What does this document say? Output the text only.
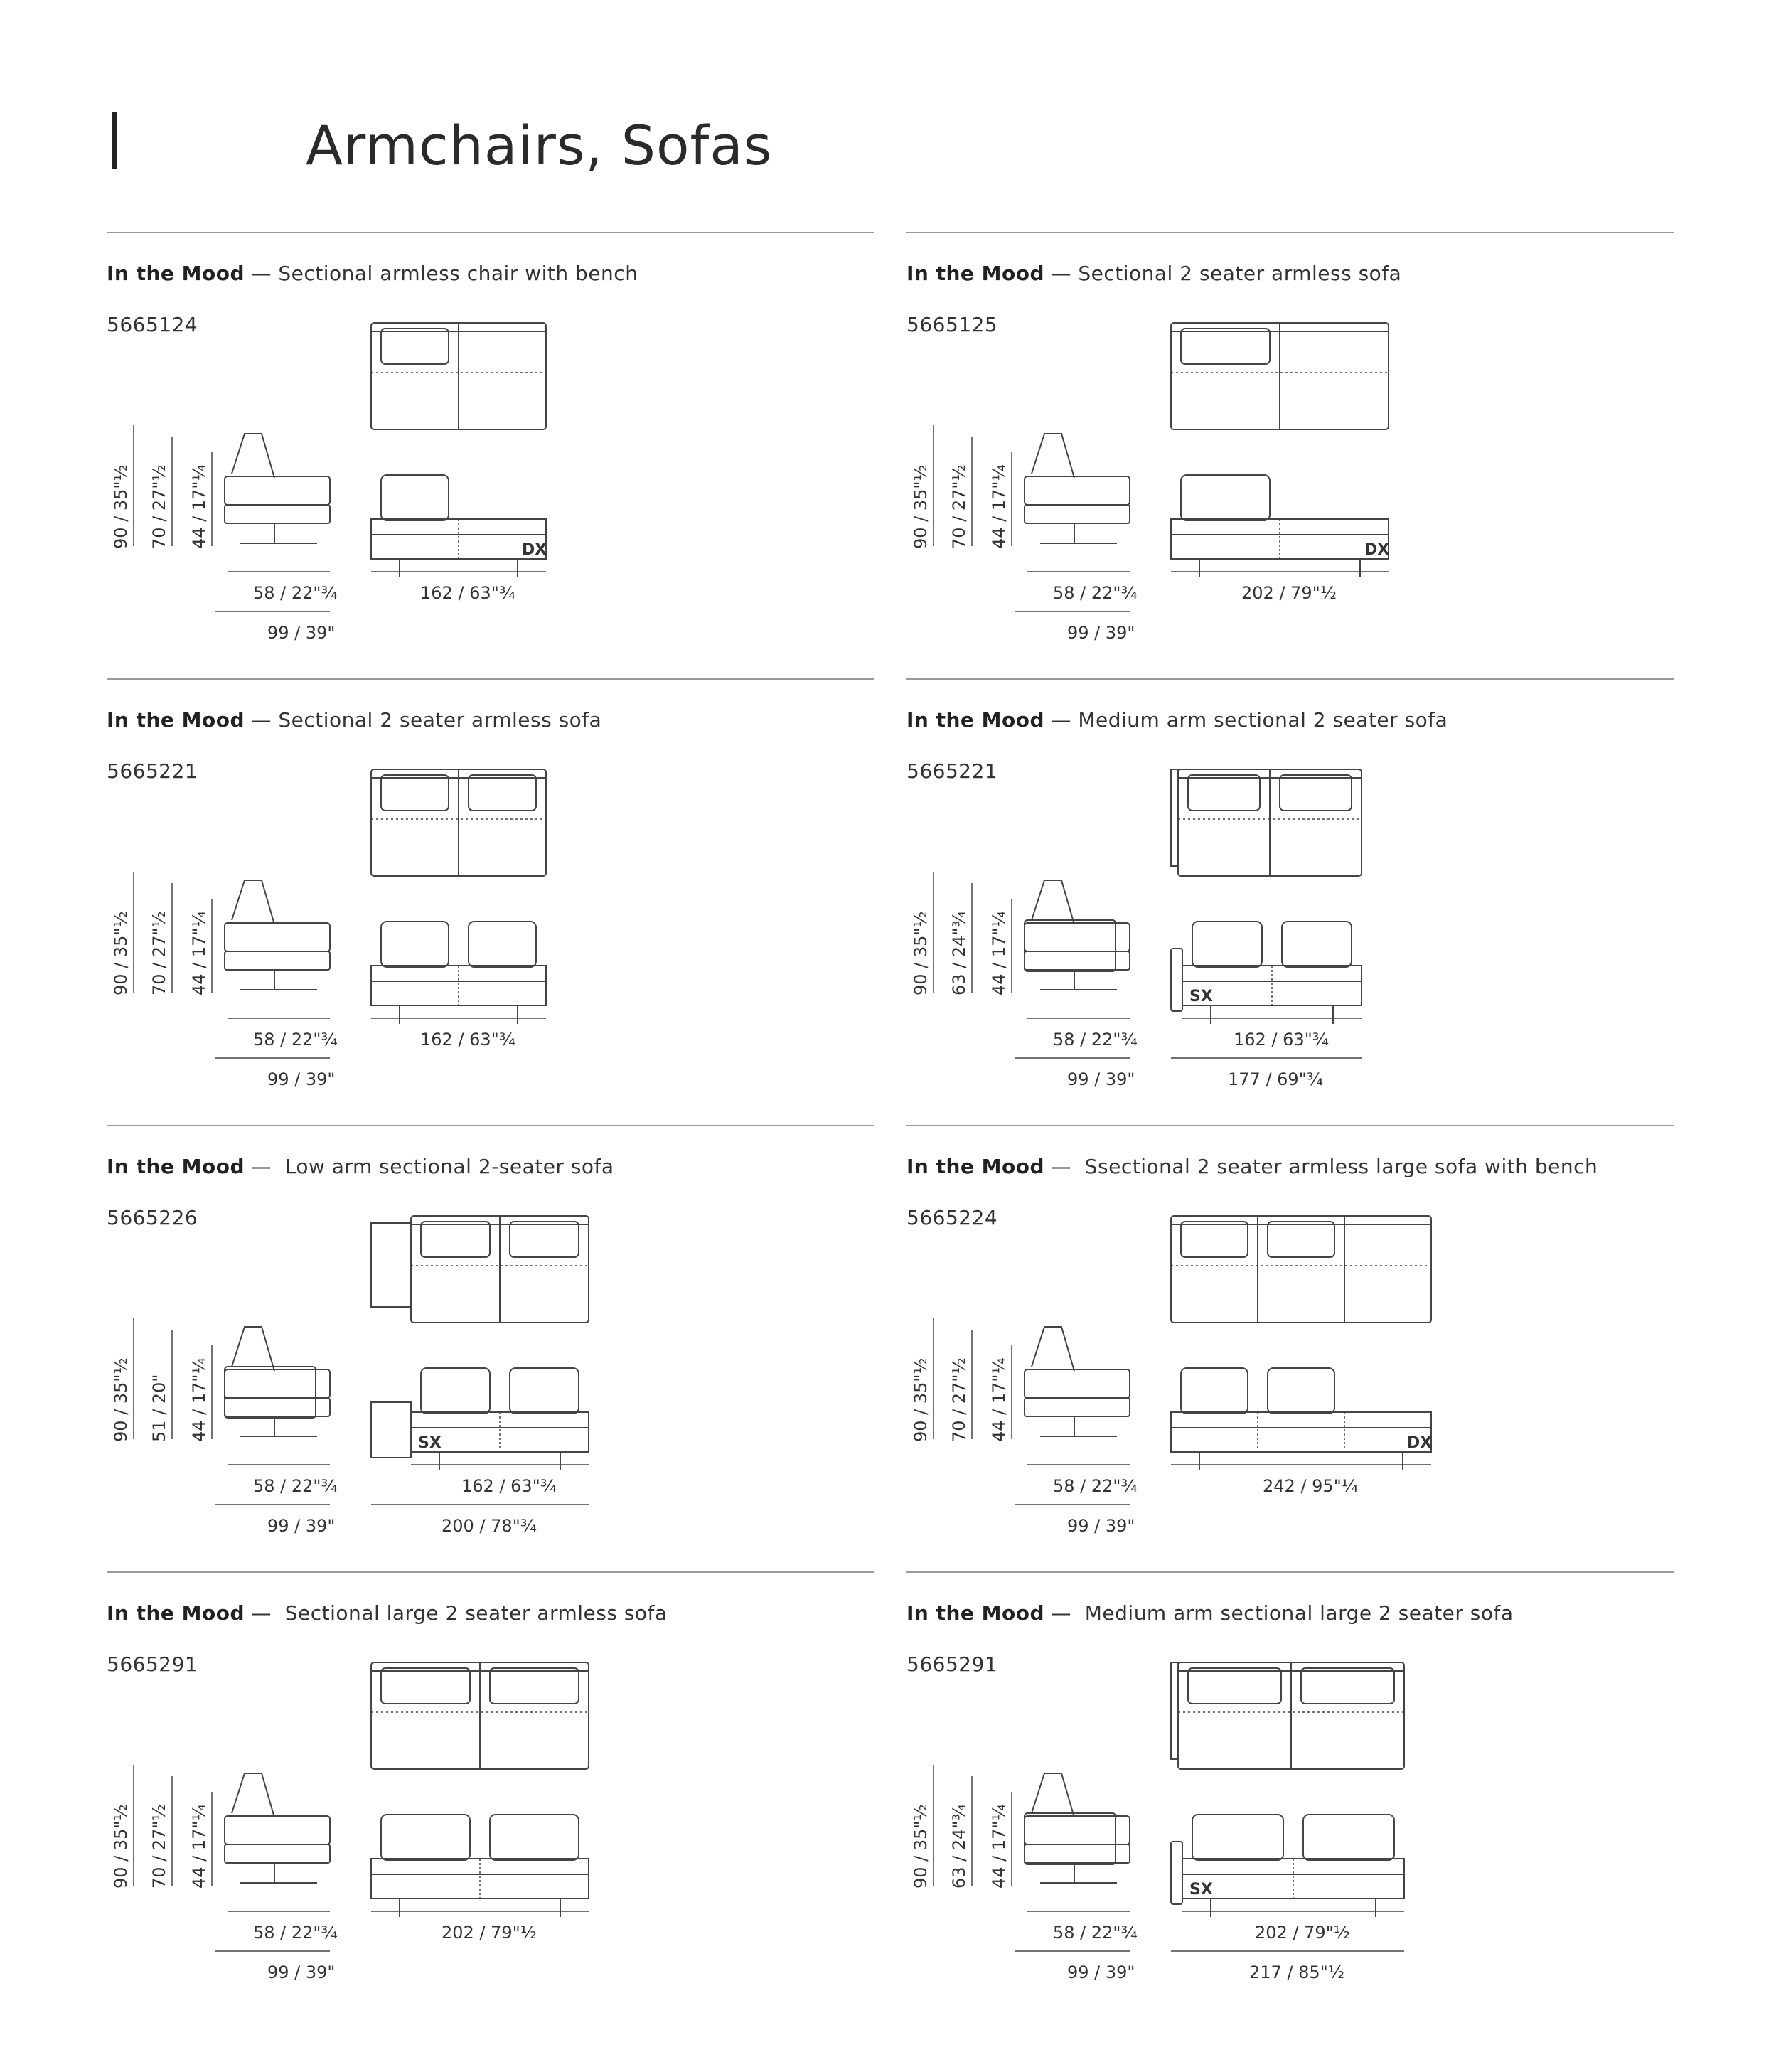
Armchairs, Sofas
In the Mood — Sectional armless chair with bench
5665124
90 / 35"½ 70 / 27"½ 44 / 17"¼
58 / 22"¾
99 / 39"
DX
162 / 63"¾
In the Mood — Sectional 2 seater armless sofa
5665125
90 / 35"½ 70 / 27"½ 44 / 17"¼
58 / 22"¾
99 / 39"
DX
202 / 79"½
In the Mood — Sectional 2 seater armless sofa
5665221
90 / 35"½ 70 / 27"½ 44 / 17"¼
58 / 22"¾
99 / 39"
162 / 63"¾
In the Mood — Medium arm sectional 2 seater sofa
5665221
90 / 35"½ 63 / 24"¾ 44 / 17"¼
58 / 22"¾
99 / 39"
SX
162 / 63"¾
177 / 69"¾
In the Mood —  Low arm sectional 2-seater sofa
5665226
90 / 35"½ 51 / 20" 44 / 17"¼
58 / 22"¾
99 / 39"
SX
162 / 63"¾
200 / 78"¾
In the Mood —  Ssectional 2 seater armless large sofa with bench
5665224
90 / 35"½ 70 / 27"½ 44 / 17"¼
58 / 22"¾
99 / 39"
DX
242 / 95"¼
In the Mood —  Sectional large 2 seater armless sofa
5665291
90 / 35"½ 70 / 27"½ 44 / 17"¼
58 / 22"¾
99 / 39"
202 / 79"½
In the Mood —  Medium arm sectional large 2 seater sofa
5665291
90 / 35"½ 63 / 24"¾ 44 / 17"¼
58 / 22"¾
99 / 39"
SX
202 / 79"½
217 / 85"½
